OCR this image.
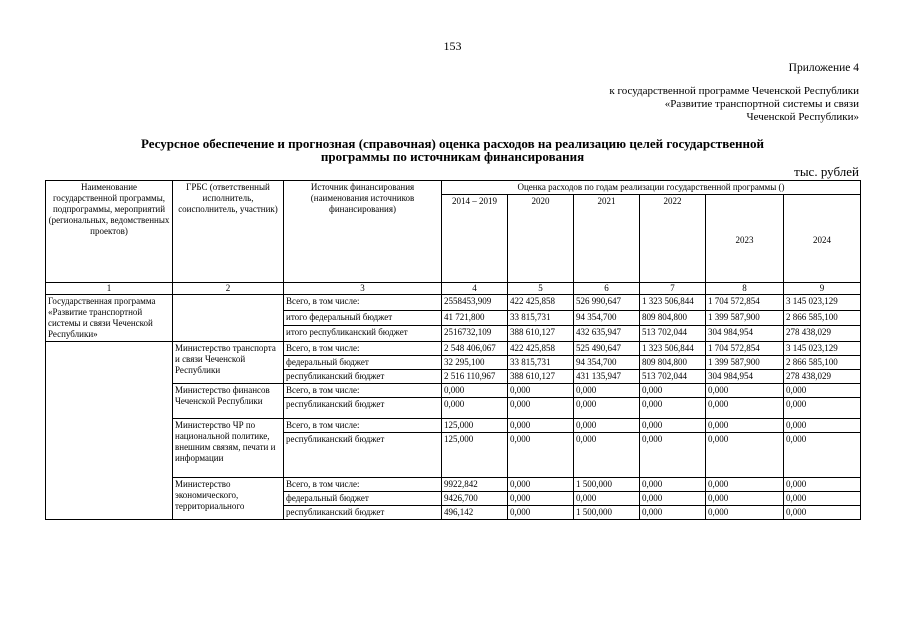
153
Приложение 4
к государственной программе Чеченской Республики
«Развитие транспортной системы и связи
Чеченской Республики»
Ресурсное обеспечение и прогнозная (справочная) оценка расходов на реализацию целей государственной
программы по источникам финансирования
тыс. рублей
Наименование государственной программы, подпрограммы, мероприятий (региональных, ведомственных проектов)	ГРБС (ответственный исполнитель, соисполнитель, участник)	Источник финансирования (наименования источников финансирования)	Оценка расходов по годам реализации государственной программы ()					
			2014 – 2019	2020	2021	2022	2023	2024
1	2	3	4	5	6	7	8	9
Государственная программа «Развитие транспортной системы и связи Чеченской Республики»		Всего, в том числе:	2558453,909	422 425,858	526 990,647	1 323 506,844	1 704 572,854	3 145 023,129
		итого федеральный бюджет	41 721,800	33 815,731	94 354,700	809 804,800	1 399 587,900	2 866 585,100
		итого республиканский бюджет	2516732,109	388 610,127	432 635,947	513 702,044	304 984,954	278 438,029
	Министерство транспорта и связи Чеченской Республики	Всего, в том числе:	2 548 406,067	422 425,858	525 490,647	1 323 506,844	1 704 572,854	3 145 023,129
		федеральный бюджет	32 295,100	33 815,731	94 354,700	809 804,800	1 399 587,900	2 866 585,100
		республиканский бюджет	2 516 110,967	388 610,127	431 135,947	513 702,044	304 984,954	278 438,029
	Министерство финансов Чеченской Республики	Всего, в том числе:	0,000	0,000	0,000	0,000	0,000	0,000
		республиканский бюджет	0,000	0,000	0,000	0,000	0,000	0,000
	Министерство ЧР по национальной политике, внешним связям, печати и информации	Всего, в том числе:	125,000	0,000	0,000	0,000	0,000	0,000
		республиканский бюджет	125,000	0,000	0,000	0,000	0,000	0,000
	Министерство экономического, территориального	Всего, в том числе:	9922,842	0,000	1 500,000	0,000	0,000	0,000
		федеральный бюджет	9426,700	0,000	0,000	0,000	0,000	0,000
		республиканский бюджет	496,142	0,000	1 500,000	0,000	0,000	0,000
